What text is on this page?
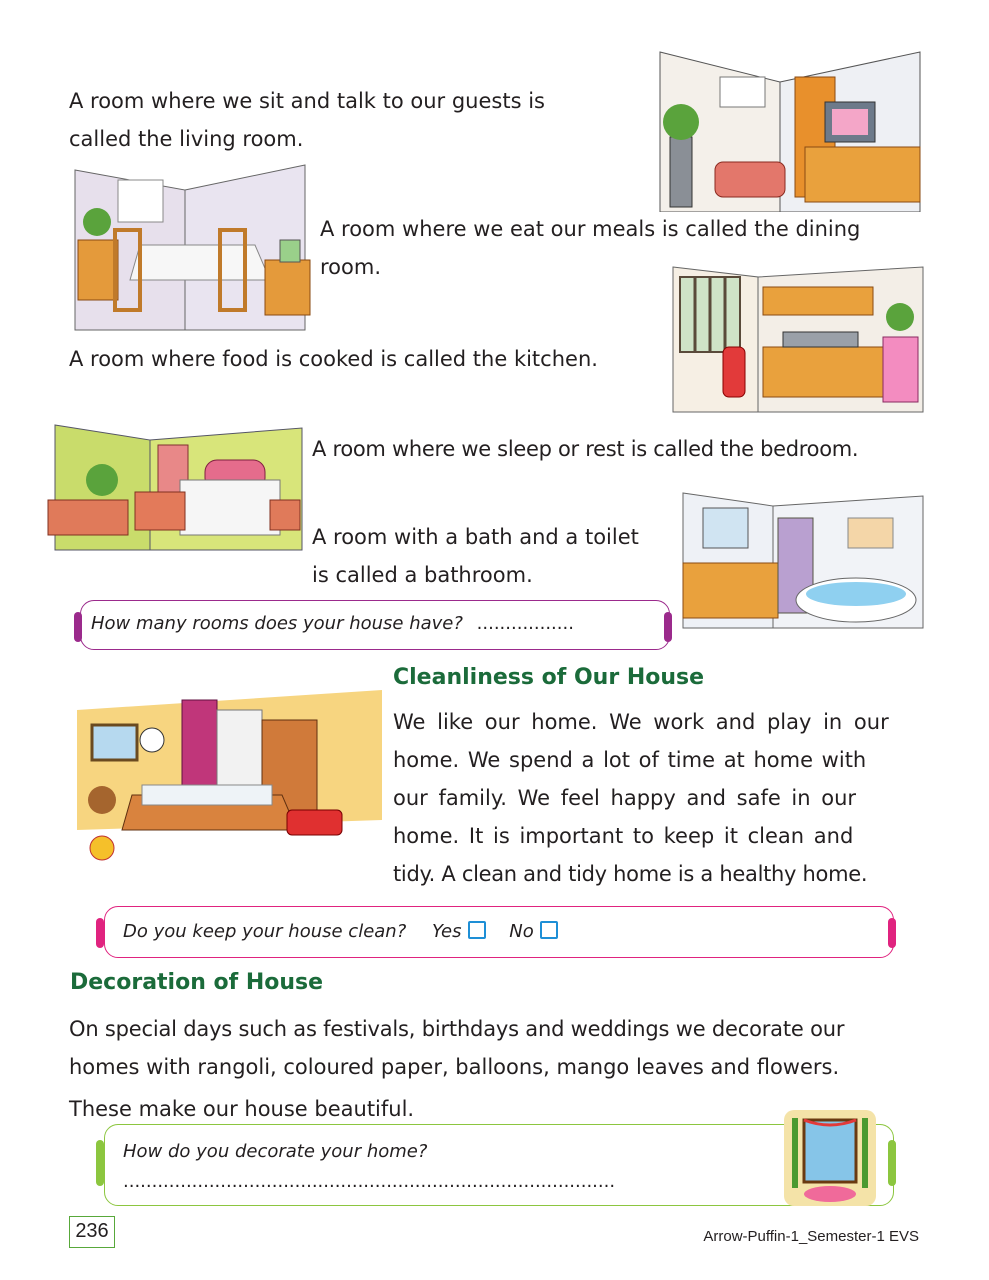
A room where we sit and talk to our guests is
called the living room.
A room where we eat our meals is called the dining
room.
A room where food is cooked is called the kitchen.
A room where we sleep or rest is called the bedroom.
A room with a bath and a toilet
is called a bathroom.
How many rooms does your house have? .................
Cleanliness of Our House
We like our home. We work and play in our
home. We spend a lot of time at home with
our family. We feel happy and safe in our
home. It is important to keep it clean and
tidy. A clean and tidy home is a healthy home.
Do you keep your house clean? Yes	No
Decoration of House
On special days such as festivals, birthdays and weddings we decorate our
homes with rangoli, coloured paper, balloons, mango leaves and flowers.
These make our house beautiful.
How do you decorate your home?
......................................................................................
236	Arrow-Puffin-1_Semester-1 EVS
